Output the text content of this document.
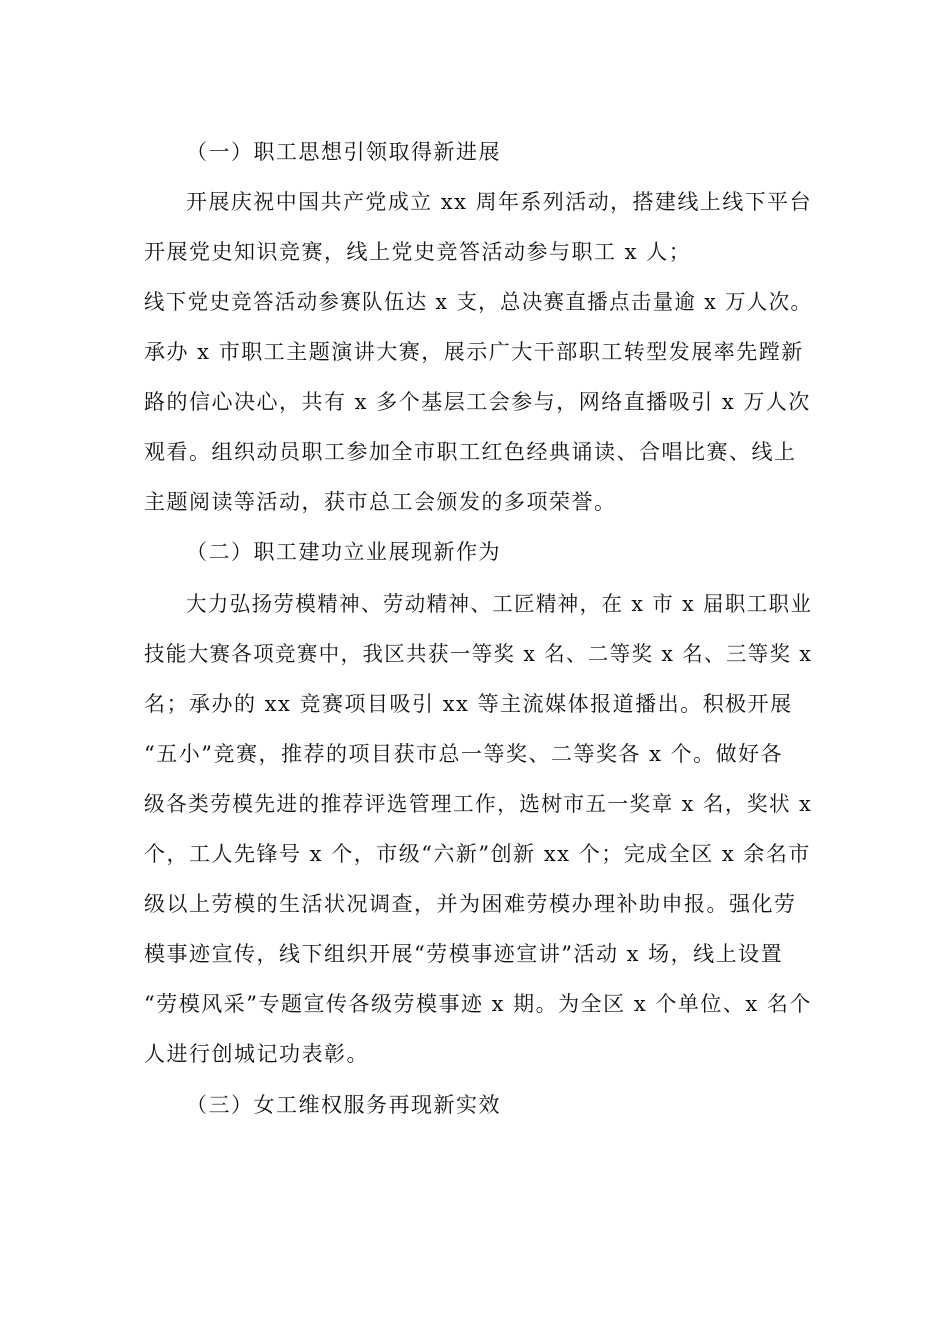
（一）职工思想引领取得新进展
开展庆祝中国共产党成立 xx 周年系列活动，搭建线上线下平台
开展党史知识竞赛，线上党史竞答活动参与职工 x 人；
线下党史竞答活动参赛队伍达 x 支，总决赛直播点击量逾 x 万人次。
承办 x 市职工主题演讲大赛，展示广大干部职工转型发展率先蹚新
路的信心决心，共有 x 多个基层工会参与，网络直播吸引 x 万人次
观看。组织动员职工参加全市职工红色经典诵读、合唱比赛、线上
主题阅读等活动，获市总工会颁发的多项荣誉。
（二）职工建功立业展现新作为
大力弘扬劳模精神、劳动精神、工匠精神，在 x 市 x 届职工职业
技能大赛各项竞赛中，我区共获一等奖 x 名、二等奖 x 名、三等奖 x
名；承办的 xx 竞赛项目吸引 xx 等主流媒体报道播出。积极开展
“五小”竞赛，推荐的项目获市总一等奖、二等奖各 x 个。做好各
级各类劳模先进的推荐评选管理工作，选树市五一奖章 x 名，奖状 x
个，工人先锋号 x 个，市级“六新”创新 xx 个；完成全区 x 余名市
级以上劳模的生活状况调查，并为困难劳模办理补助申报。强化劳
模事迹宣传，线下组织开展“劳模事迹宣讲”活动 x 场，线上设置
“劳模风采”专题宣传各级劳模事迹 x 期。为全区 x 个单位、x 名个
人进行创城记功表彰。
（三）女工维权服务再现新实效
